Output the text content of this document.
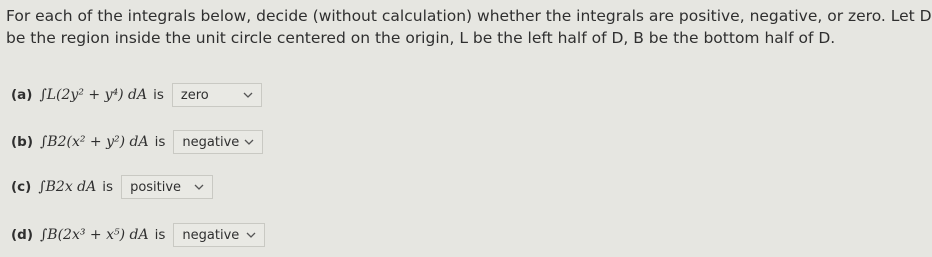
For each of the integrals below, decide (without calculation) whether the integrals are positive, negative, or zero. Let D
be the region inside the unit circle centered on the origin, L be the left half of D, B be the bottom half of D.
(a) ∫L(2y² + y⁴) dA is zero
(b) ∫B2(x² + y²) dA is negative
(c) ∫B2x dA is positive
(d) ∫B(2x³ + x⁵) dA is negative
